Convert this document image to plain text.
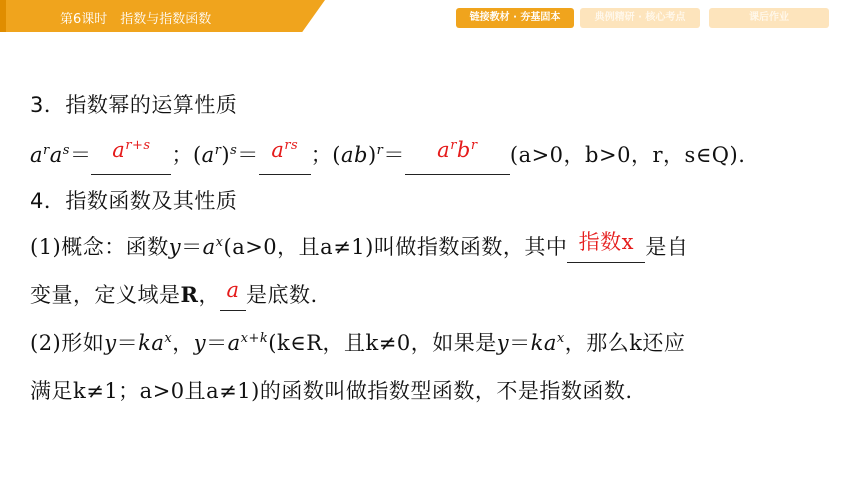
第6课时　指数与指数函数	链接教材 · 夯基固本	典例精研 · 核心考点	课后作业
3．指数幂的运算性质
$a^ra^s= a^{r+s}$ ；$(a^r)^s= a^{rs}$ ；$(ab)^r= a^rb^r$ (a>0，b>0，r，s∈Q).
4．指数函数及其性质
(1)概念：函数$y=a^x(a>0$，且a≠1)叫做指数函数，其中 指数x 是自
变量，定义域是R， a 是底数.
(2)形如$y=ka^x$，$y=a^{x+k}(k\in R$，且k≠0，如果是$y=ka^x$，那么k还应
满足k≠1；a>0且a≠1)的函数叫做指数型函数，不是指数函数.
